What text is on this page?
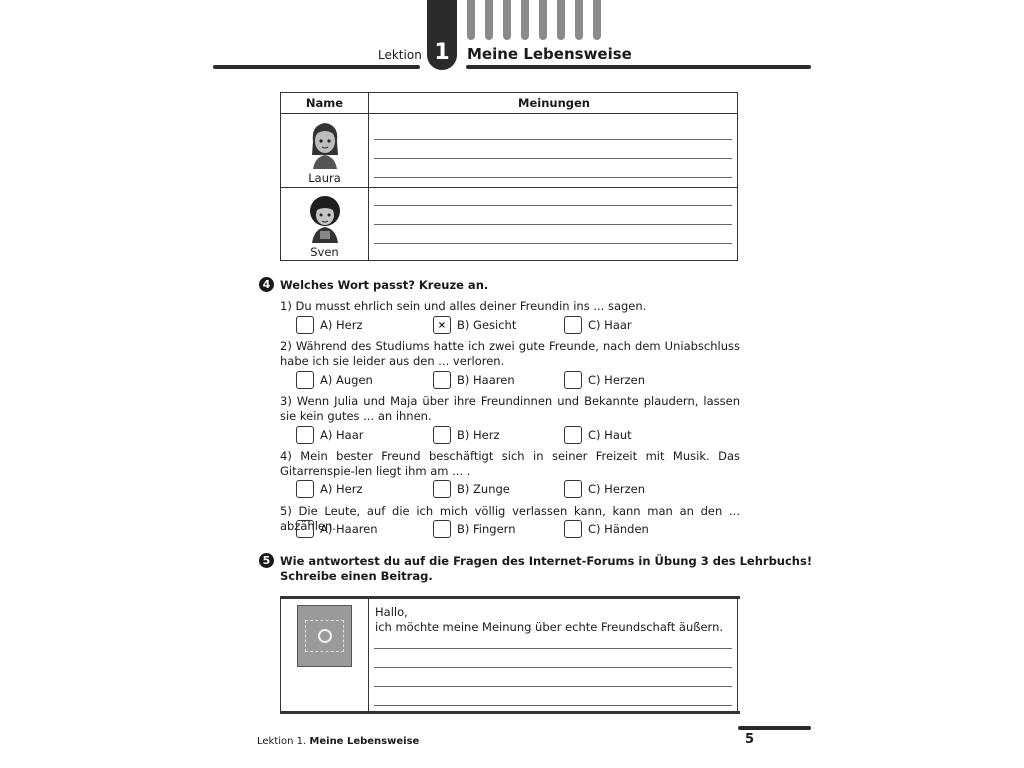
1
Lektion	Meine Lebensweise
Name	Meinungen
Laura
Sven
4 Welches Wort passt? Kreuze an.
1) Du musst ehrlich sein und alles deiner Freundin ins ... sagen.
A) Herz	× B) Gesicht	C) Haar
2) Während des Studiums hatte ich zwei gute Freunde, nach dem Uniabschluss habe ich sie leider aus den ... verloren.
A) Augen	B) Haaren	C) Herzen
3) Wenn Julia und Maja über ihre Freundinnen und Bekannte plaudern, lassen sie kein gutes ... an ihnen.
A) Haar	B) Herz	C) Haut
4) Mein bester Freund beschäftigt sich in seiner Freizeit mit Musik. Das Gitarrenspie-len liegt ihm am ... .
A) Herz	B) Zunge	C) Herzen
5) Die Leute, auf die ich mich völlig verlassen kann, kann man an den ... abzählen.
A) Haaren	B) Fingern	C) Händen
5 Wie antwortest du auf die Fragen des Internet-Forums in Übung 3 des Lehrbuchs!
Schreibe einen Beitrag.
Hallo,
ich möchte meine Meinung über echte Freundschaft äußern.
Lektion 1. Meine Lebensweise	5
